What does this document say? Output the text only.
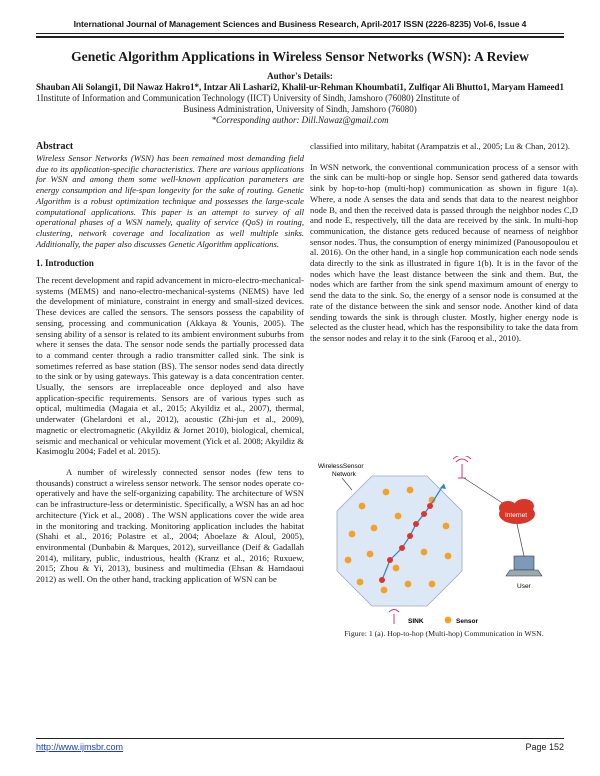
International Journal of Management Sciences and Business Research, April-2017 ISSN (2226-8235) Vol-6, Issue 4
Genetic Algorithm Applications in Wireless Sensor Networks (WSN): A Review
Author's Details:
Shauban Ali Solangi1, Dil Nawaz Hakro1*, Intzar Ali Lashari2, Khalil-ur-Rehman Khoumbati1, Zulfiqar Ali Bhutto1, Maryam Hameed1 1Institute of Information and Communication Technology (IICT) University of Sindh, Jamshoro (76080) 2Institute of
Business Administration, University of Sindh, Jamshoro (76080)
*Corresponding author: Dill.Nawaz@gmail.com

Abstract

Wireless Sensor Networks (WSN) has been remained most demanding field due to its application-specific characteristics. There are various applications for WSN and among them some well-known application parameters are energy consumption and life-span longevity for the sake of routing. Genetic Algorithm is a robust optimization technique and possesses the large-scale computational applications. This paper is an attempt to survey of all operational phases of a WSN namely, quality of service (QoS) in routing, clustering, network coverage and localization as well multiple sinks. Additionally, the paper also discusses Genetic Algorithm applications.

1. Introduction

The recent development and rapid advancement in micro-electro-mechanical-systems (MEMS) and nano-electro-mechanical-systems (NEMS) have led the development of miniature, constraint in energy and small-sized devices. These devices are called the sensors. The sensors possess the capability of sensing, processing and communication (Akkaya & Younis, 2005). The sensing ability of a sensor is related to its ambient environment suburbs from where it senses the data. The sensor node sends the partially processed data to a command center through a radio transmitter called sink. The sink is sometimes referred as base station (BS). The sensor nodes send data directly to the sink or by using gateways. This gateway is a data concentration center. Usually, the sensors are irreplaceable once deployed and also have application-specific requirements. Sensors are of various types such as optical, multimedia (Magaia et al., 2015; Akyildiz et al., 2007), thermal, underwater (Ghelardoni et al., 2012), acoustic (Zhi-jun et al., 2009), magnetic or electromagnetic (Akyildiz & Jornet 2010), biological, chemical, seismic and mechanical or vehicular movement (Yick et al. 2008; Akyildiz & Kasimoglu 2004; Fadel et al. 2015).

A number of wirelessly connected sensor nodes (few tens to thousands) construct a wireless sensor network. The sensor nodes operate co-operatively and have the self-organizing capability. The architecture of WSN can be infrastructure-less or deterministic. Specifically, a WSN has an ad hoc architecture (Yick et al., 2008) . The WSN applications cover the wide area in the monitoring and tracking. Monitoring application includes the habitat (Shahi et al., 2016; Polastre et al., 2004; Aboelaze & Aloul, 2005), environmental (Dunbabin & Marques, 2012), surveillance (Deif & Gadallah 2014), military, public, industrious, health (Kranz et al., 2016; Ruxuew, 2015; Zhou & Yi, 2013), business and multimedia (Ehsan & Hamdaoui 2012) as well. On the other hand, tracking application of WSN can be

classified into military, habitat (Arampatzis et al., 2005; Lu & Chan, 2012).

In WSN network, the conventional communication process of a sensor with the sink can be multi-hop or single hop. Sensor send gathered data towards sink by hop-to-hop (multi-hop) communication as shown in figure 1(a). Where, a node A senses the data and sends that data to the nearest neighbor node B, and then the received data is passed through the neighbor nodes C,D and node E, respectively, till the data are received by the sink. In multi-hop communication, the distance gets reduced because of nearness of neighbor sensor nodes. Thus, the consumption of energy minimized (Panousopoulou et al. 2016). On the other hand, in a single hop communication each node sends data directly to the sink as illustrated in figure 1(b). It is in the favor of the nodes which have the least distance between the sink and them. But, the nodes which are farther from the sink spend maximum amount of energy to send the data to the sink. So, the energy of a sensor node is consumed at the rate of the distance between the sink and sensor node. Another kind of data sending towards the sink is through cluster. Mostly, higher energy node is selected as the cluster head, which has the responsibility to take the data from the sensor nodes and relay it to the sink (Farooq et al., 2010).

WirelessSensor
Network
Internet
User
SINK	Sensor
Figure: 1 (a). Hop-to-hop (Multi-hop) Communication in WSN.
http://www.ijmsbr.com	Page 152
